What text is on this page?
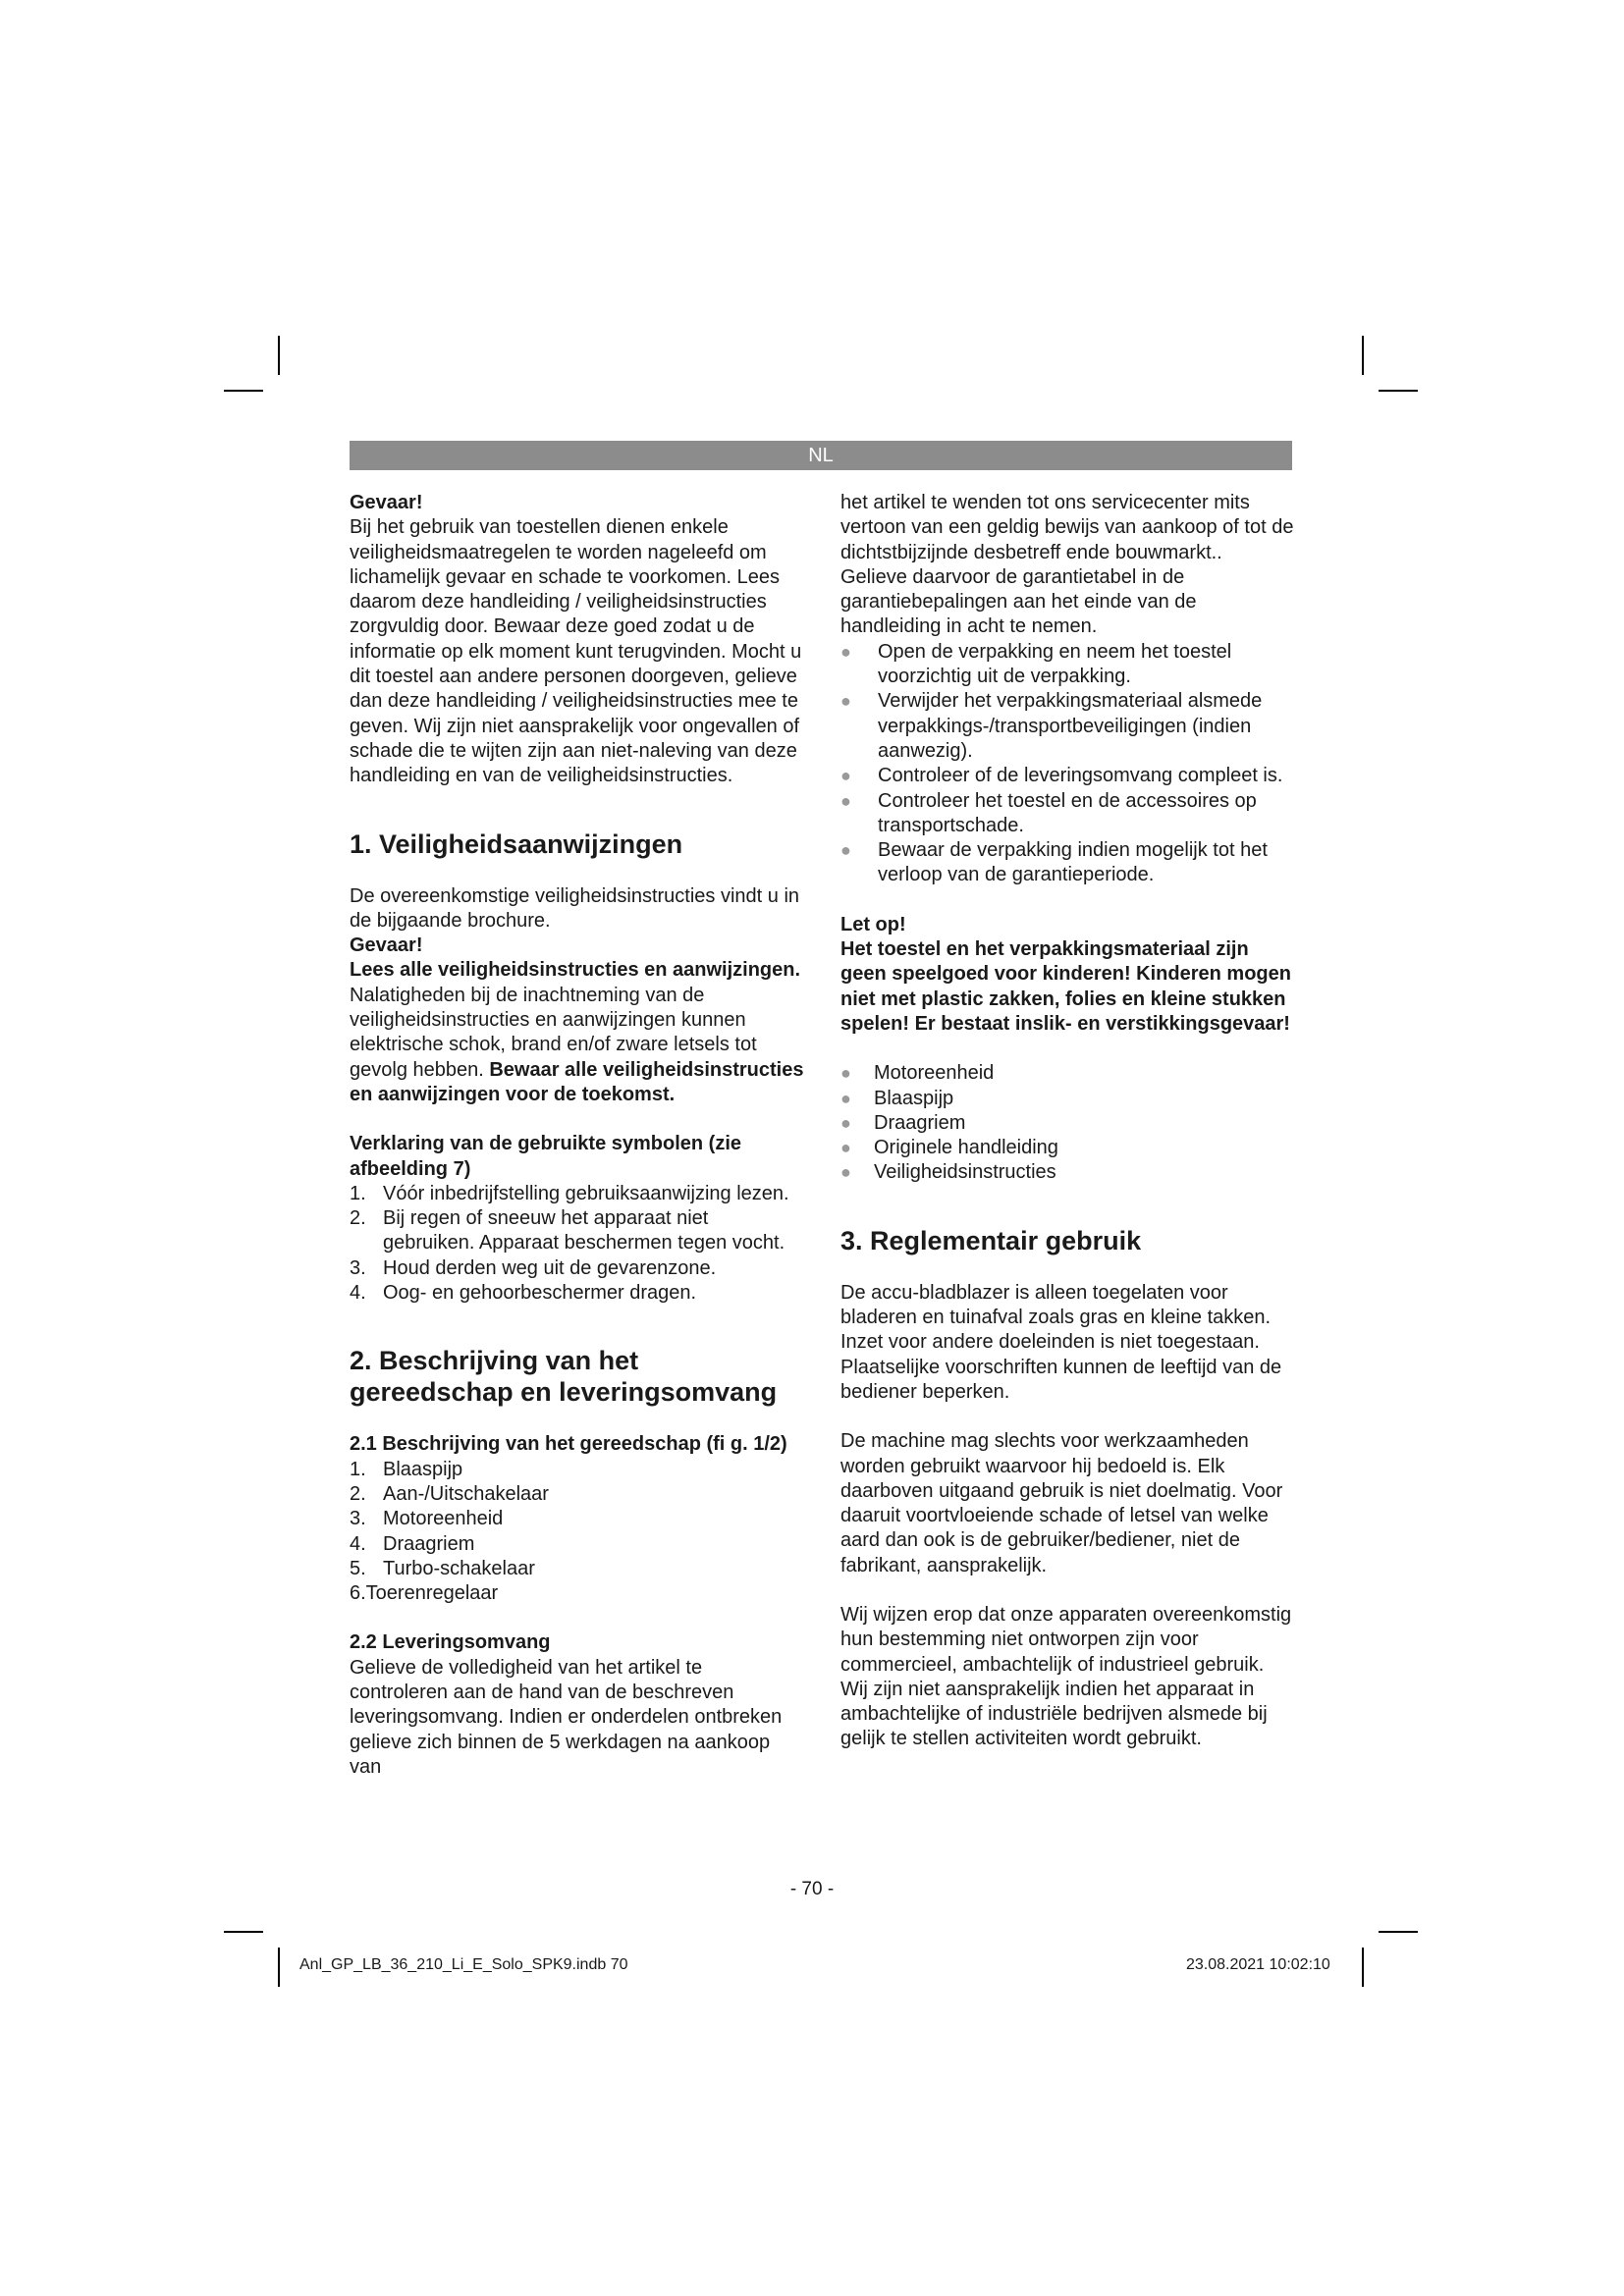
NL
Gevaar!

Bij het gebruik van toestellen dienen enkele veiligheidsmaatregelen te worden nageleefd om lichamelijk gevaar en schade te voorkomen. Lees daarom deze handleiding / veiligheidsinstructies zorgvuldig door. Bewaar deze goed zodat u de informatie op elk moment kunt terugvinden. Mocht u dit toestel aan andere personen doorgeven, gelieve dan deze handleiding / veiligheidsinstructies mee te geven. Wij zijn niet aansprakelijk voor ongevallen of schade die te wijten zijn aan niet-naleving van deze handleiding en van de veiligheidsinstructies.

1. Veiligheidsaanwijzingen

De overeenkomstige veiligheidsinstructies vindt u in de bijgaande brochure.

Gevaar!

Lees alle veiligheidsinstructies en aanwijzingen. Nalatigheden bij de inachtneming van de veiligheidsinstructies en aanwijzingen kunnen elektrische schok, brand en/of zware letsels tot gevolg hebben. Bewaar alle veiligheidsinstructies en aanwijzingen voor de toekomst.

Verklaring van de gebruikte symbolen (zie afbeelding 7)
1. Vóór inbedrijfstelling gebruiksaanwijzing lezen.
2. Bij regen of sneeuw het apparaat niet gebruiken. Apparaat beschermen tegen vocht.
3. Houd derden weg uit de gevarenzone.
4. Oog- en gehoorbeschermer dragen.
2. Beschrijving van het gereedschap en leveringsomvang
2.1 Beschrijving van het gereedschap (fi g. 1/2)
1. Blaaspijp
2. Aan-/Uitschakelaar
3. Motoreenheid
4. Draagriem
5. Turbo-schakelaar

6.Toerenregelaar

2.2 Leveringsomvang

Gelieve de volledigheid van het artikel te controleren aan de hand van de beschreven leveringsomvang. Indien er onderdelen ontbreken gelieve zich binnen de 5 werkdagen na aankoop van

het artikel te wenden tot ons servicecenter mits vertoon van een geldig bewijs van aankoop of tot de dichtstbijzijnde desbetreff ende bouwmarkt.. Gelieve daarvoor de garantietabel in de garantiebepalingen aan het einde van de handleiding in acht te nemen.

● Open de verpakking en neem het toestel voorzichtig uit de verpakking.
● Verwijder het verpakkingsmateriaal alsmede verpakkings-/transportbeveiligingen (indien aanwezig).
● Controleer of de leveringsomvang compleet is.
● Controleer het toestel en de accessoires op transportschade.
● Bewaar de verpakking indien mogelijk tot het verloop van de garantieperiode.
Let op!

Het toestel en het verpakkingsmateriaal zijn geen speelgoed voor kinderen! Kinderen mogen niet met plastic zakken, folies en kleine stukken spelen! Er bestaat inslik- en verstikkingsgevaar!

● Motoreenheid
● Blaaspijp
● Draagriem
● Originele handleiding
● Veiligheidsinstructies
3. Reglementair gebruik

De accu-bladblazer is alleen toegelaten voor bladeren en tuinafval zoals gras en kleine takken. Inzet voor andere doeleinden is niet toegestaan. Plaatselijke voorschriften kunnen de leeftijd van de bediener beperken.

De machine mag slechts voor werkzaamheden worden gebruikt waarvoor hij bedoeld is. Elk daarboven uitgaand gebruik is niet doelmatig. Voor daaruit voortvloeiende schade of letsel van welke aard dan ook is de gebruiker/bediener, niet de fabrikant, aansprakelijk.

Wij wijzen erop dat onze apparaten overeenkomstig hun bestemming niet ontworpen zijn voor commercieel, ambachtelijk of industrieel gebruik. Wij zijn niet aansprakelijk indien het apparaat in ambachtelijke of industriële bedrijven alsmede bij gelijk te stellen activiteiten wordt gebruikt.

- 70 -
Anl_GP_LB_36_210_Li_E_Solo_SPK9.indb 70	23.08.2021 10:02:10
